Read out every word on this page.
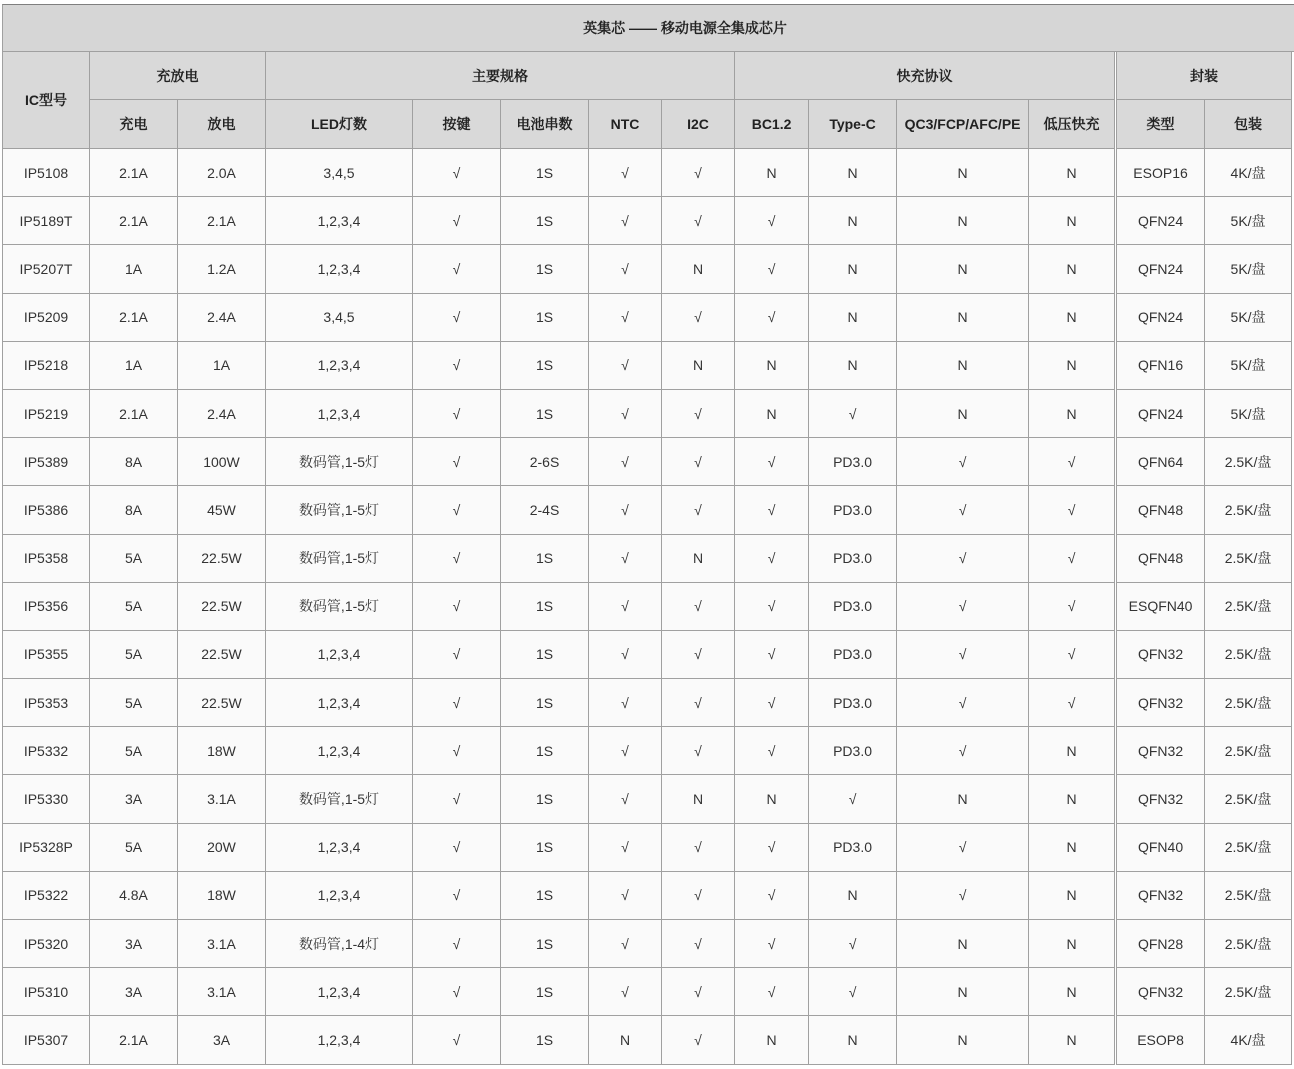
英集芯 —— 移动电源全集成芯片
IC型号	充放电		主要规格					快充协议				封装	
	充电	放电	LED灯数	按键	电池串数	NTC	I2C	BC1.2	Type-C	QC3/FCP/AFC/PE	低压快充	类型	包装
IP5108	2.1A	2.0A	3,4,5	√	1S	√	√	N	N	N	N	ESOP16	4K/盘
IP5189T	2.1A	2.1A	1,2,3,4	√	1S	√	√	√	N	N	N	QFN24	5K/盘
IP5207T	1A	1.2A	1,2,3,4	√	1S	√	N	√	N	N	N	QFN24	5K/盘
IP5209	2.1A	2.4A	3,4,5	√	1S	√	√	√	N	N	N	QFN24	5K/盘
IP5218	1A	1A	1,2,3,4	√	1S	√	N	N	N	N	N	QFN16	5K/盘
IP5219	2.1A	2.4A	1,2,3,4	√	1S	√	√	N	√	N	N	QFN24	5K/盘
IP5389	8A	100W	数码管,1-5灯	√	2-6S	√	√	√	PD3.0	√	√	QFN64	2.5K/盘
IP5386	8A	45W	数码管,1-5灯	√	2-4S	√	√	√	PD3.0	√	√	QFN48	2.5K/盘
IP5358	5A	22.5W	数码管,1-5灯	√	1S	√	N	√	PD3.0	√	√	QFN48	2.5K/盘
IP5356	5A	22.5W	数码管,1-5灯	√	1S	√	√	√	PD3.0	√	√	ESQFN40	2.5K/盘
IP5355	5A	22.5W	1,2,3,4	√	1S	√	√	√	PD3.0	√	√	QFN32	2.5K/盘
IP5353	5A	22.5W	1,2,3,4	√	1S	√	√	√	PD3.0	√	√	QFN32	2.5K/盘
IP5332	5A	18W	1,2,3,4	√	1S	√	√	√	PD3.0	√	N	QFN32	2.5K/盘
IP5330	3A	3.1A	数码管,1-5灯	√	1S	√	N	N	√	N	N	QFN32	2.5K/盘
IP5328P	5A	20W	1,2,3,4	√	1S	√	√	√	PD3.0	√	N	QFN40	2.5K/盘
IP5322	4.8A	18W	1,2,3,4	√	1S	√	√	√	N	√	N	QFN32	2.5K/盘
IP5320	3A	3.1A	数码管,1-4灯	√	1S	√	√	√	√	N	N	QFN28	2.5K/盘
IP5310	3A	3.1A	1,2,3,4	√	1S	√	√	√	√	N	N	QFN32	2.5K/盘
IP5307	2.1A	3A	1,2,3,4	√	1S	N	√	N	N	N	N	ESOP8	4K/盘
